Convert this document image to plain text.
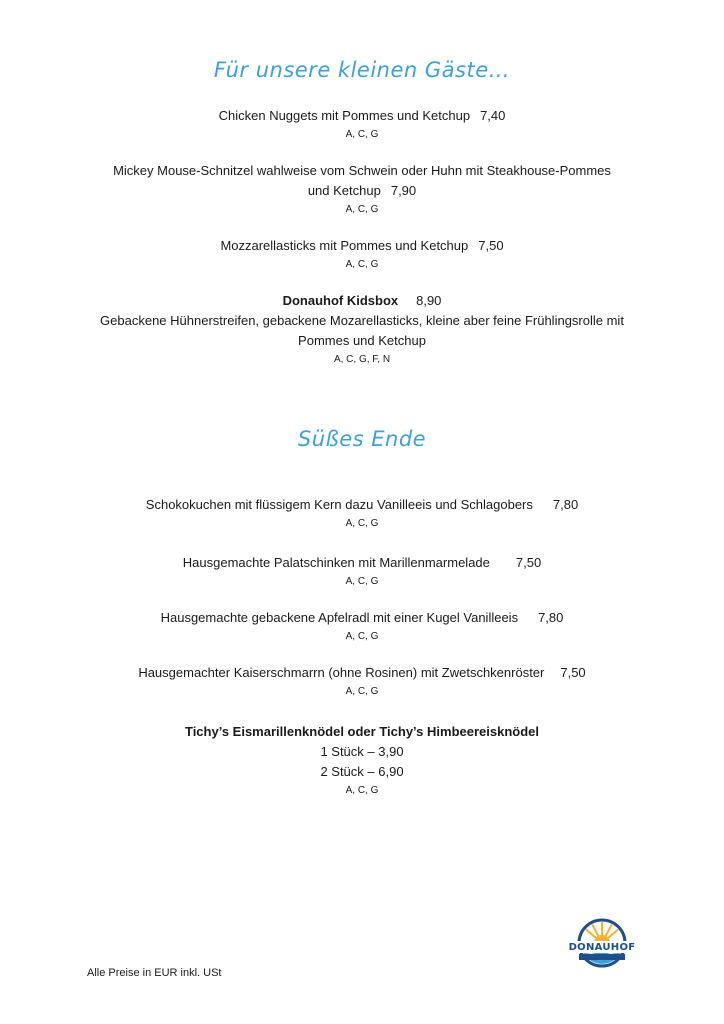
Für unsere kleinen Gäste…
Chicken Nuggets mit Pommes und Ketchup 7,40
A, C, G
Mickey Mouse-Schnitzel wahlweise vom Schwein oder Huhn mit Steakhouse-Pommes
und Ketchup 7,90
A, C, G
Mozzarellasticks mit Pommes und Ketchup 7,50
A, C, G
Donauhof Kidsbox 8,90
Gebackene Hühnerstreifen, gebackene Mozarellasticks, kleine aber feine Frühlingsrolle mit
Pommes und Ketchup
A, C, G, F, N
Süßes Ende
Schokokuchen mit flüssigem Kern dazu Vanilleeis und Schlagobers 7,80
A, C, G
Hausgemachte Palatschinken mit Marillenmarmelade 7,50
A, C, G
Hausgemachte gebackene Apfelradl mit einer Kugel Vanilleeis 7,80
A, C, G
Hausgemachter Kaiserschmarrn (ohne Rosinen) mit Zwetschkenröster 7,50
A, C, G
Tichy’s Eismarillenknödel oder Tichy’s Himbeereisknödel
1 Stück – 3,90
2 Stück – 6,90
A, C, G
DONAUHOF
Alle Preise in EUR inkl. USt
